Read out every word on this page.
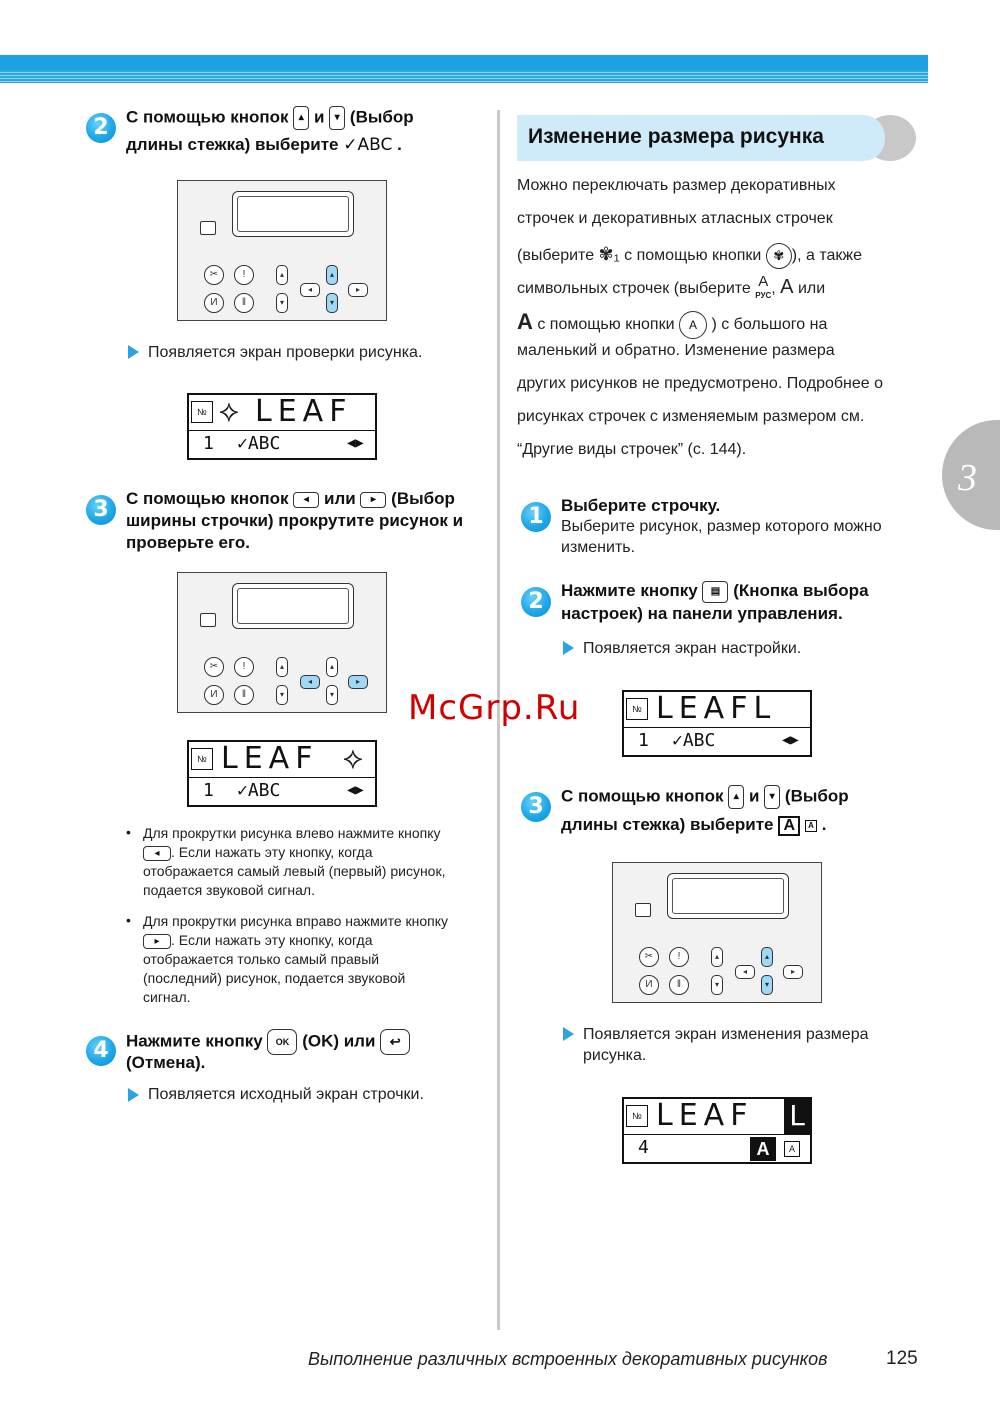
3
2	С помощью кнопок ▴ и ▾ (Выбор
длины стежка) выберите ✓ABC .
✂	!
И	ǁ
▴
▾
▴
▾
◂	▸
Появляется экран проверки рисунка.
№ ⟡ LEAF
1 ✓ABC	◀▶
3	С помощью кнопок ◂ или ▸ (Выбор
ширины строчки) прокрутите рисунок и
проверьте его.
✂	!
И	ǁ
▴
▾
▴
▾
◂	▸
№ LEAF ⟡
1 ✓ABC	◀▶
• Для прокрутки рисунка влево нажмите кнопку
◂ . Если нажать эту кнопку, когда
отображается самый левый (первый) рисунок,
подается звуковой сигнал.
• Для прокрутки рисунка вправо нажмите кнопку
▸ . Если нажать эту кнопку, когда
отображается только самый правый
(последний) рисунок, подается звуковой
сигнал.
4	Нажмите кнопку OK (OK) или ↩
(Отмена).
Появляется исходный экран строчки.
Изменение размера рисунка
Можно переключать размер декоративных
строчек и декоративных атласных строчек
(выберите ✾₁ с помощью кнопки ✾ ), а также
символьных строчек (выберите A
РУС, A или
A с помощью кнопки A ) с большого на
маленький и обратно. Изменение размера
других рисунков не предусмотрено. Подробнее о
рисунках строчек с изменяемым размером см.
“Другие виды строчек” (с. 144).
1	Выберите строчку.
Выберите рисунок, размер которого можно
изменить.
2	Нажмите кнопку ▤ (Кнопка выбора
настроек) на панели управления.
Появляется экран настройки.
№ LEAFL
1 ✓ABC	◀▶
3	С помощью кнопок ▴ и ▾ (Выбор
длины стежка) выберите A A .
✂	!
И	ǁ
▴
▾
▴
▾
◂	▸
Появляется экран изменения размера
рисунка.
№ LEAF L
4	A	A
McGrp.Ru
Выполнение различных встроенных декоративных рисунков	125
